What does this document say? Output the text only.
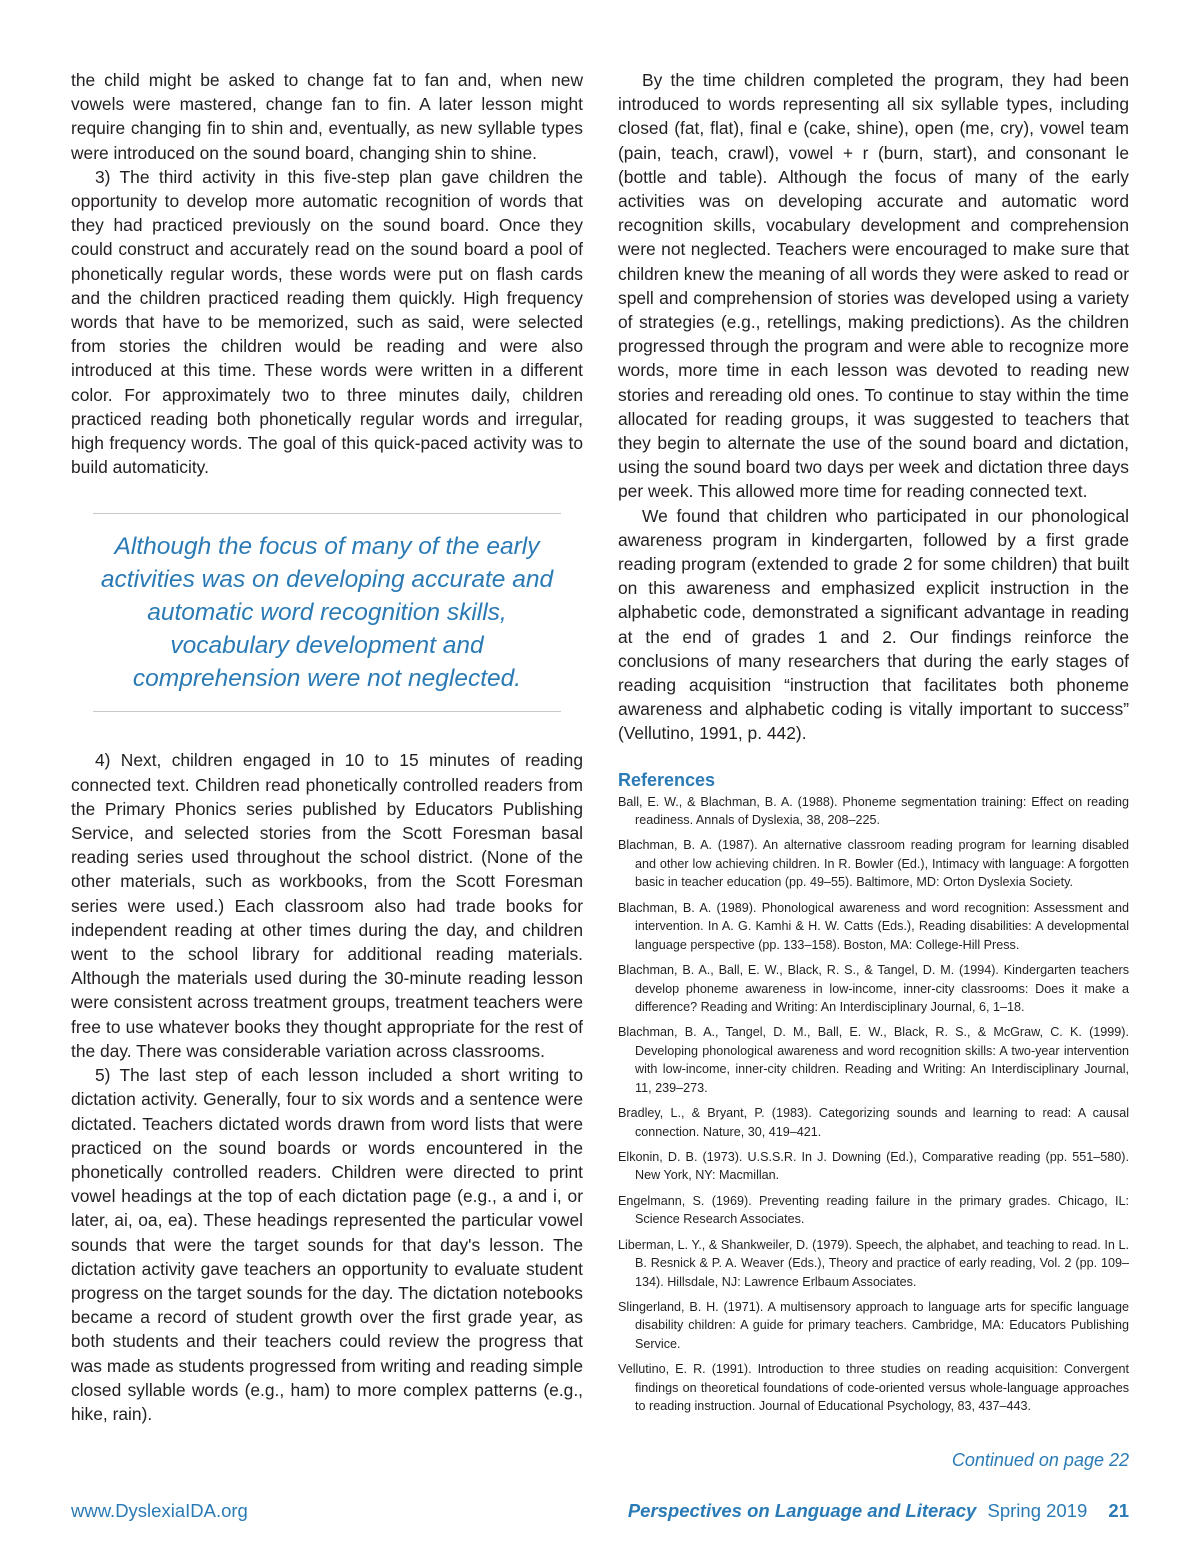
the child might be asked to change fat to fan and, when new vowels were mastered, change fan to fin. A later lesson might require changing fin to shin and, eventually, as new syllable types were introduced on the sound board, changing shin to shine.

3) The third activity in this five-step plan gave children the opportunity to develop more automatic recognition of words that they had practiced previously on the sound board. Once they could construct and accurately read on the sound board a pool of phonetically regular words, these words were put on flash cards and the children practiced reading them quickly. High frequency words that have to be memorized, such as said, were selected from stories the children would be reading and were also introduced at this time. These words were written in a different color. For approximately two to three minutes daily, children practiced reading both phonetically regular words and irregular, high frequency words. The goal of this quick-paced activity was to build automaticity.

Although the focus of many of the early activities was on developing accurate and automatic word recognition skills, vocabulary development and comprehension were not neglected.

4) Next, children engaged in 10 to 15 minutes of reading connected text. Children read phonetically controlled readers from the Primary Phonics series published by Educators Publishing Service, and selected stories from the Scott Foresman basal reading series used throughout the school district. (None of the other materials, such as workbooks, from the Scott Foresman series were used.) Each classroom also had trade books for independent reading at other times during the day, and children went to the school library for additional reading materials. Although the materials used during the 30-minute reading lesson were consistent across treatment groups, treatment teachers were free to use whatever books they thought appropriate for the rest of the day. There was considerable variation across classrooms.

5) The last step of each lesson included a short writing to dictation activity. Generally, four to six words and a sentence were dictated. Teachers dictated words drawn from word lists that were practiced on the sound boards or words encountered in the phonetically controlled readers. Children were directed to print vowel headings at the top of each dictation page (e.g., a and i, or later, ai, oa, ea). These headings represented the particular vowel sounds that were the target sounds for that day's lesson. The dictation activity gave teachers an opportunity to evaluate student progress on the target sounds for the day. The dictation notebooks became a record of student growth over the first grade year, as both students and their teachers could review the progress that was made as students progressed from writing and reading simple closed syllable words (e.g., ham) to more complex patterns (e.g., hike, rain).

By the time children completed the program, they had been introduced to words representing all six syllable types, including closed (fat, flat), final e (cake, shine), open (me, cry), vowel team (pain, teach, crawl), vowel + r (burn, start), and consonant le (bottle and table). Although the focus of many of the early activities was on developing accurate and automatic word recognition skills, vocabulary development and comprehension were not neglected. Teachers were encouraged to make sure that children knew the meaning of all words they were asked to read or spell and comprehension of stories was developed using a variety of strategies (e.g., retellings, making predictions). As the children progressed through the program and were able to recognize more words, more time in each lesson was devoted to reading new stories and rereading old ones. To continue to stay within the time allocated for reading groups, it was suggested to teachers that they begin to alternate the use of the sound board and dictation, using the sound board two days per week and dictation three days per week. This allowed more time for reading connected text.

We found that children who participated in our phonological awareness program in kindergarten, followed by a first grade reading program (extended to grade 2 for some children) that built on this awareness and emphasized explicit instruction in the alphabetic code, demonstrated a significant advantage in reading at the end of grades 1 and 2. Our findings reinforce the conclusions of many researchers that during the early stages of reading acquisition “instruction that facilitates both phoneme awareness and alphabetic coding is vitally important to success” (Vellutino, 1991, p. 442).

References

Ball, E. W., & Blachman, B. A. (1988). Phoneme segmentation training: Effect on reading readiness. Annals of Dyslexia, 38, 208–225.

Blachman, B. A. (1987). An alternative classroom reading program for learning disabled and other low achieving children. In R. Bowler (Ed.), Intimacy with language: A forgotten basic in teacher education (pp. 49–55). Baltimore, MD: Orton Dyslexia Society.

Blachman, B. A. (1989). Phonological awareness and word recognition: Assessment and intervention. In A. G. Kamhi & H. W. Catts (Eds.), Reading disabilities: A developmental language perspective (pp. 133–158). Boston, MA: College-Hill Press.

Blachman, B. A., Ball, E. W., Black, R. S., & Tangel, D. M. (1994). Kindergarten teachers develop phoneme awareness in low-income, inner-city classrooms: Does it make a difference? Reading and Writing: An Interdisciplinary Journal, 6, 1–18.

Blachman, B. A., Tangel, D. M., Ball, E. W., Black, R. S., & McGraw, C. K. (1999). Developing phonological awareness and word recognition skills: A two-year intervention with low-income, inner-city children. Reading and Writing: An Interdisciplinary Journal, 11, 239–273.

Bradley, L., & Bryant, P. (1983). Categorizing sounds and learning to read: A causal connection. Nature, 30, 419–421.

Elkonin, D. B. (1973). U.S.S.R. In J. Downing (Ed.), Comparative reading (pp. 551–580). New York, NY: Macmillan.

Engelmann, S. (1969). Preventing reading failure in the primary grades. Chicago, IL: Science Research Associates.

Liberman, L. Y., & Shankweiler, D. (1979). Speech, the alphabet, and teaching to read. In L. B. Resnick & P. A. Weaver (Eds.), Theory and practice of early reading, Vol. 2 (pp. 109–134). Hillsdale, NJ: Lawrence Erlbaum Associates.

Slingerland, B. H. (1971). A multisensory approach to language arts for specific language disability children: A guide for primary teachers. Cambridge, MA: Educators Publishing Service.

Vellutino, E. R. (1991). Introduction to three studies on reading acquisition: Convergent findings on theoretical foundations of code-oriented versus whole-language approaches to reading instruction. Journal of Educational Psychology, 83, 437–443.

Continued on page 22
www.DyslexiaIDA.org	Perspectives on Language and Literacy Spring 2019 21
